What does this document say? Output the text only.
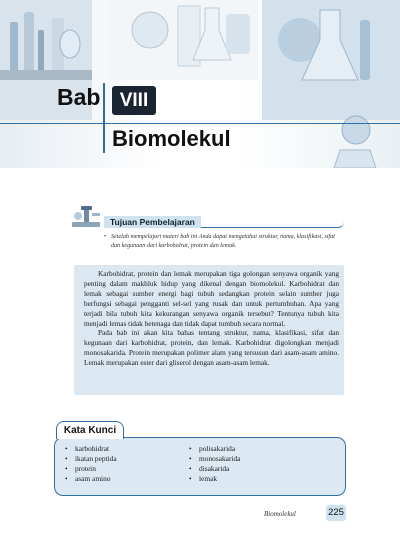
Bab	VIII
Biomolekul
Tujuan Pembelajaran

• Setelah mempelajari materi bab ini Anda dapat mengetahui struktur, nama, klasifikasi, sifat dan kegunaan dari karbohidrat, protein dan lemak.

Karbohidrat, protein dan lemak merupakan tiga golongan senyawa organik yang penting dalam makhluk hidup yang dikenal dengan biomolekul. Karbohidrat dan lemak sebagai sumber energi bagi tubuh sedangkan protein selain sumber juga berfungsi sebagai pengganti sel-sel yang rusak dan untuk pertumbuhan. Apa yang terjadi bila tubuh kita kekurangan senyawa organik tersebut? Tentunya tubuh kita menjadi lemas tidak betenaga dan tidak dapat tumbuh secara normal.

Pada bab ini akan kita bahas tentang struktur, nama, klasifikasi, sifat dan kegunaan dari karbohidrat, protein, dan lemak. Karbohidrat digolongkan menjadi monosakarida. Protein merupakan polimer alam yang tersusun dari asam-asam amino. Lemak merupakan ester dari gliserol dengan asam-asam lemak.

• karbohidrat
• ikatan peptida
• protein
• asam amino
• polisakarida
• monosakarida
• disakarida
• lemak
Kata Kunci

Biomolekul	225
